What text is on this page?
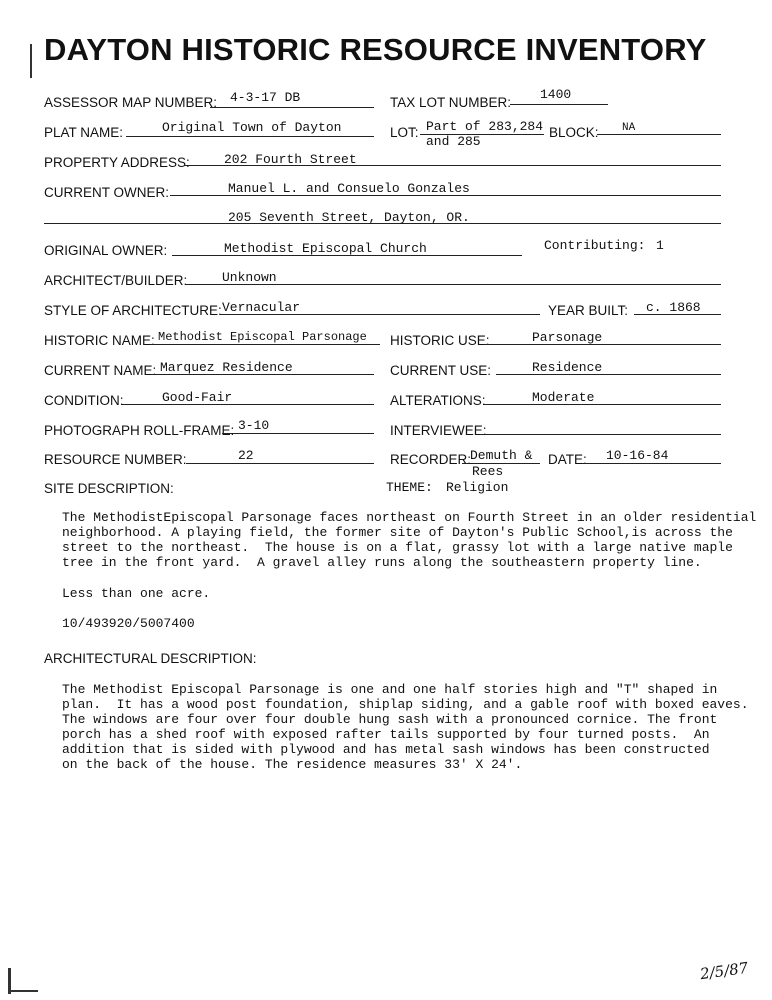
DAYTON HISTORIC RESOURCE INVENTORY
ASSESSOR MAP NUMBER: 4-3-17 DB	TAX LOT NUMBER:
1400
PLAT NAME:	Original Town of Dayton	LOT: Part of 283,284
and 285
BLOCK: NA
PROPERTY ADDRESS:	202 Fourth Street
CURRENT OWNER:	Manuel L. and Consuelo Gonzales
205 Seventh Street, Dayton, OR.
ORIGINAL OWNER:	Methodist Episcopal Church	Contributing: 1
ARCHITECT/BUILDER:	Unknown
STYLE OF ARCHITECTURE: Vernacular	YEAR BUILT: c. 1868
HISTORIC NAME: Methodist Episcopal Parsonage HISTORIC USE:	Parsonage
CURRENT NAME: Marquez Residence	CURRENT USE:	Residence
CONDITION:	Good-Fair	ALTERATIONS:	Moderate
PHOTOGRAPH ROLL-FRAME: 3-10	INTERVIEWEE:
RESOURCE NUMBER:	22	RECORDER:
Demuth &
Rees
DATE: 10-16-84
SITE DESCRIPTION:	THEME: Religion
The MethodistEpiscopal Parsonage faces northeast on Fourth Street in an older residential
neighborhood. A playing field, the former site of Dayton's Public School,is across the
street to the northeast.  The house is on a flat, grassy lot with a large native maple
tree in the front yard.  A gravel alley runs along the southeastern property line.
Less than one acre.
10/493920/5007400
ARCHITECTURAL DESCRIPTION:
The Methodist Episcopal Parsonage is one and one half stories high and "T" shaped in
plan.  It has a wood post foundation, shiplap siding, and a gable roof with boxed eaves.
The windows are four over four double hung sash with a pronounced cornice. The front
porch has a shed roof with exposed rafter tails supported by four turned posts.  An
addition that is sided with plywood and has metal sash windows has been constructed
on the back of the house. The residence measures 33' X 24'.
2/5/87
